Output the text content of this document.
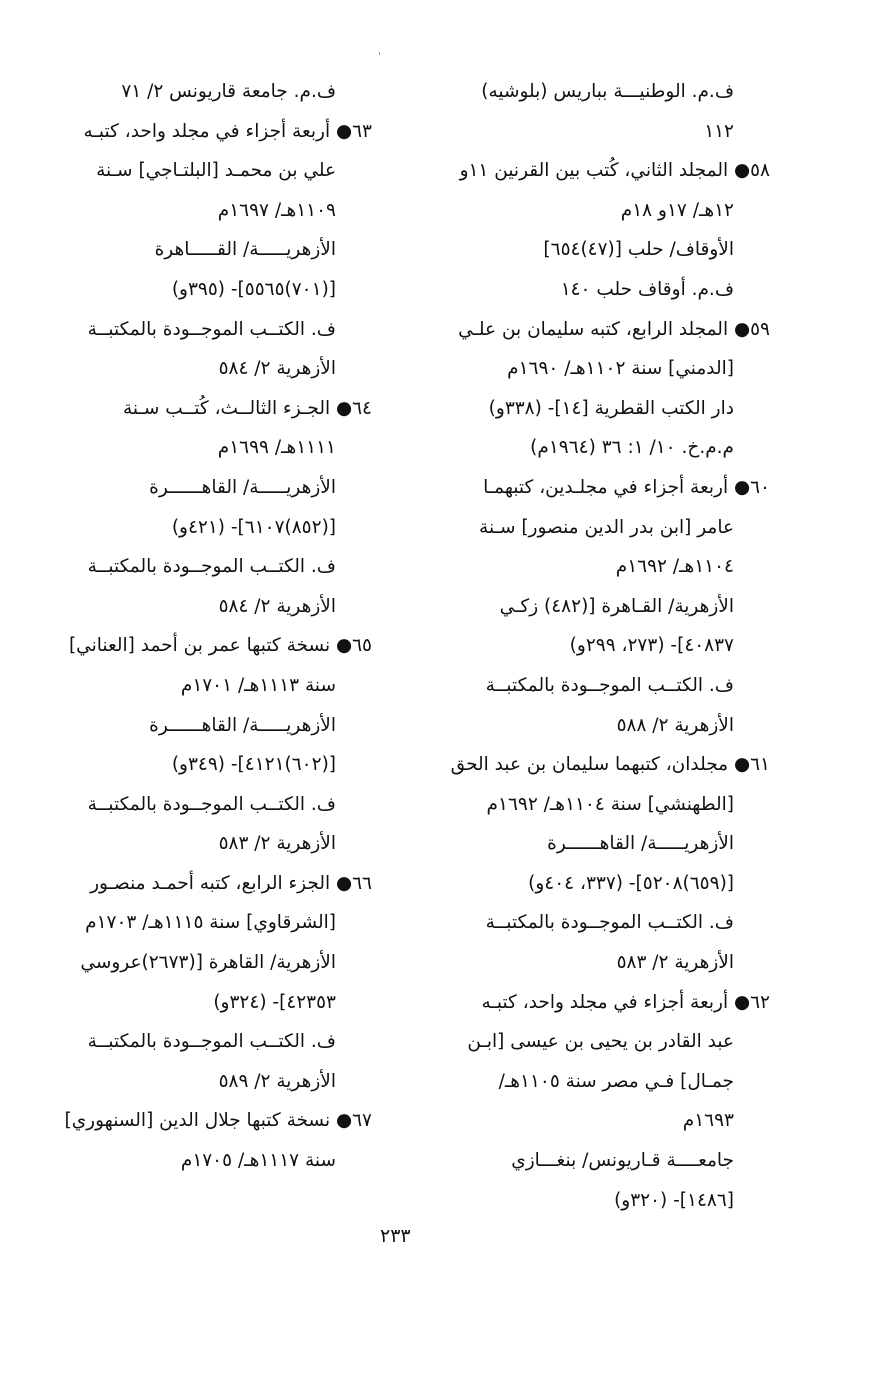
'
ف.م. الوطنيـــة بباريس (بلوشيه)
١١٢
٥٨● المجلد الثاني، كُتب بين القرنين ١١و
١٢هـ/ ١٧و ١٨م
الأوقاف/ حلب [(٤٧)٦٥٤]
ف.م. أوقاف حلب ١٤٠
٥٩● المجلد الرابع، كتبه سليمان بن علـي
[الدمني] سنة ١١٠٢هـ/ ١٦٩٠م
دار الكتب القطرية [١٤]- (٣٣٨و)
م.م.خ. ١٠/ ١: ٣٦ (١٩٦٤م)
٦٠● أربعة أجزاء في مجلـدين، كتبهمـا
عامر [ابن بدر الدين منصور] سـنة
١١٠٤هـ/ ١٦٩٢م
الأزهرية/ القـاهرة [(٤٨٢) زكـي
٤٠٨٣٧]- (٢٧٣، ٢٩٩و)
ف. الكتــب الموجــودة بالمكتبــة
الأزهرية ٢/ ٥٨٨
٦١● مجلدان، كتبهما سليمان بن عبد الحق
[الطهنشي] سنة ١١٠٤هـ/ ١٦٩٢م
الأزهريـــــة/ القاهــــــرة
[(٦٥٩)٥٢٠٨]- (٣٣٧، ٤٠٤و)
ف. الكتــب الموجــودة بالمكتبــة
الأزهرية ٢/ ٥٨٣
٦٢● أربعة أجزاء في مجلد واحد، كتبـه
عبد القادر بن يحيى بن عيسى [ابـن
جمـال] فـي مصر سنة ١١٠٥هـ/
١٦٩٣م
جامعــــة قـاريونس/ بنغـــازي
[١٤٨٦]- (٣٢٠و)
ف.م. جامعة قاريونس ٢/ ٧١
٦٣● أربعة أجزاء في مجلد واحد، كتبـه
علي بن محمـد [البلتـاجي] سـنة
١١٠٩هـ/ ١٦٩٧م
الأزهريـــــة/ القـــــاهرة
[(٧٠١)٥٥٦٥]- (٣٩٥و)
ف. الكتــب الموجــودة بالمكتبــة
الأزهرية ٢/ ٥٨٤
٦٤● الجـزء الثالــث، كُتــب سـنة
١١١١هـ/ ١٦٩٩م
الأزهريـــــة/ القاهــــــرة
[(٨٥٢)٦١٠٧]- (٤٢١و)
ف. الكتــب الموجــودة بالمكتبــة
الأزهرية ٢/ ٥٨٤
٦٥● نسخة كتبها عمر بن أحمد [العناني]
سنة ١١١٣هـ/ ١٧٠١م
الأزهريـــــة/ القاهــــــرة
[(٦٠٢)٤١٢١]- (٣٤٩و)
ف. الكتــب الموجــودة بالمكتبــة
الأزهرية ٢/ ٥٨٣
٦٦● الجزء الرابع، كتبه أحمـد منصـور
[الشرقاوي] سنة ١١١٥هـ/ ١٧٠٣م
الأزهرية/ القاهرة [(٢٦٧٣)عروسي
٤٢٣٥٣]- (٣٢٤و)
ف. الكتــب الموجــودة بالمكتبــة
الأزهرية ٢/ ٥٨٩
٦٧● نسخة كتبها جلال الدين [السنهوري]
سنة ١١١٧هـ/ ١٧٠٥م
٢٣٣
